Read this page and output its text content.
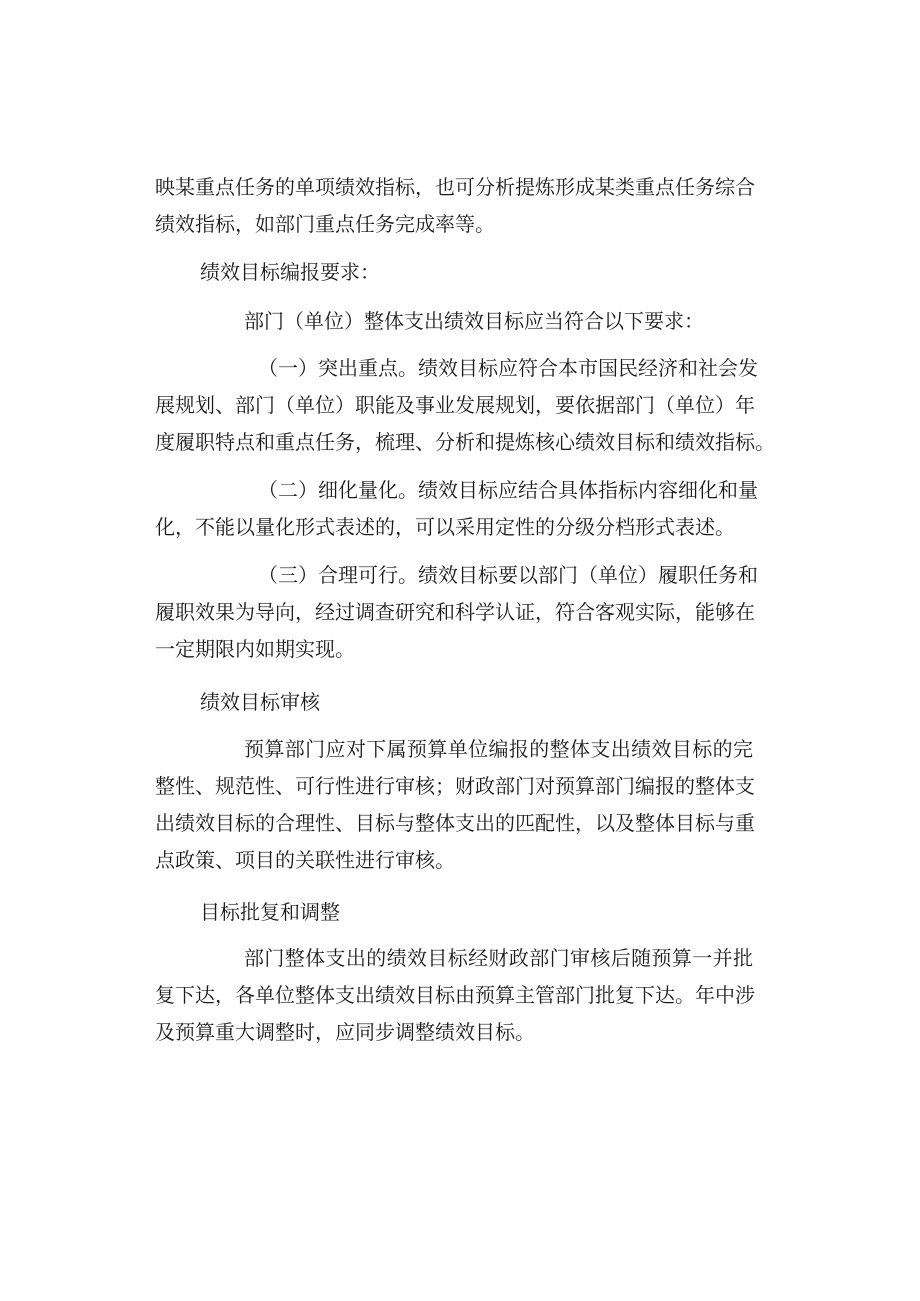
映某重点任务的单项绩效指标，也可分析提炼形成某类重点任务综合

绩效指标，如部门重点任务完成率等。

绩效目标编报要求：

部门（单位）整体支出绩效目标应当符合以下要求：

（一）突出重点。绩效目标应符合本市国民经济和社会发

展规划、部门（单位）职能及事业发展规划，要依据部门（单位）年

度履职特点和重点任务，梳理、分析和提炼核心绩效目标和绩效指标。

（二）细化量化。绩效目标应结合具体指标内容细化和量

化，不能以量化形式表述的，可以采用定性的分级分档形式表述。

（三）合理可行。绩效目标要以部门（单位）履职任务和

履职效果为导向，经过调查研究和科学认证，符合客观实际，能够在

一定期限内如期实现。

绩效目标审核

预算部门应对下属预算单位编报的整体支出绩效目标的完

整性、规范性、可行性进行审核；财政部门对预算部门编报的整体支

出绩效目标的合理性、目标与整体支出的匹配性，以及整体目标与重

点政策、项目的关联性进行审核。

目标批复和调整

部门整体支出的绩效目标经财政部门审核后随预算一并批

复下达，各单位整体支出绩效目标由预算主管部门批复下达。年中涉

及预算重大调整时，应同步调整绩效目标。
